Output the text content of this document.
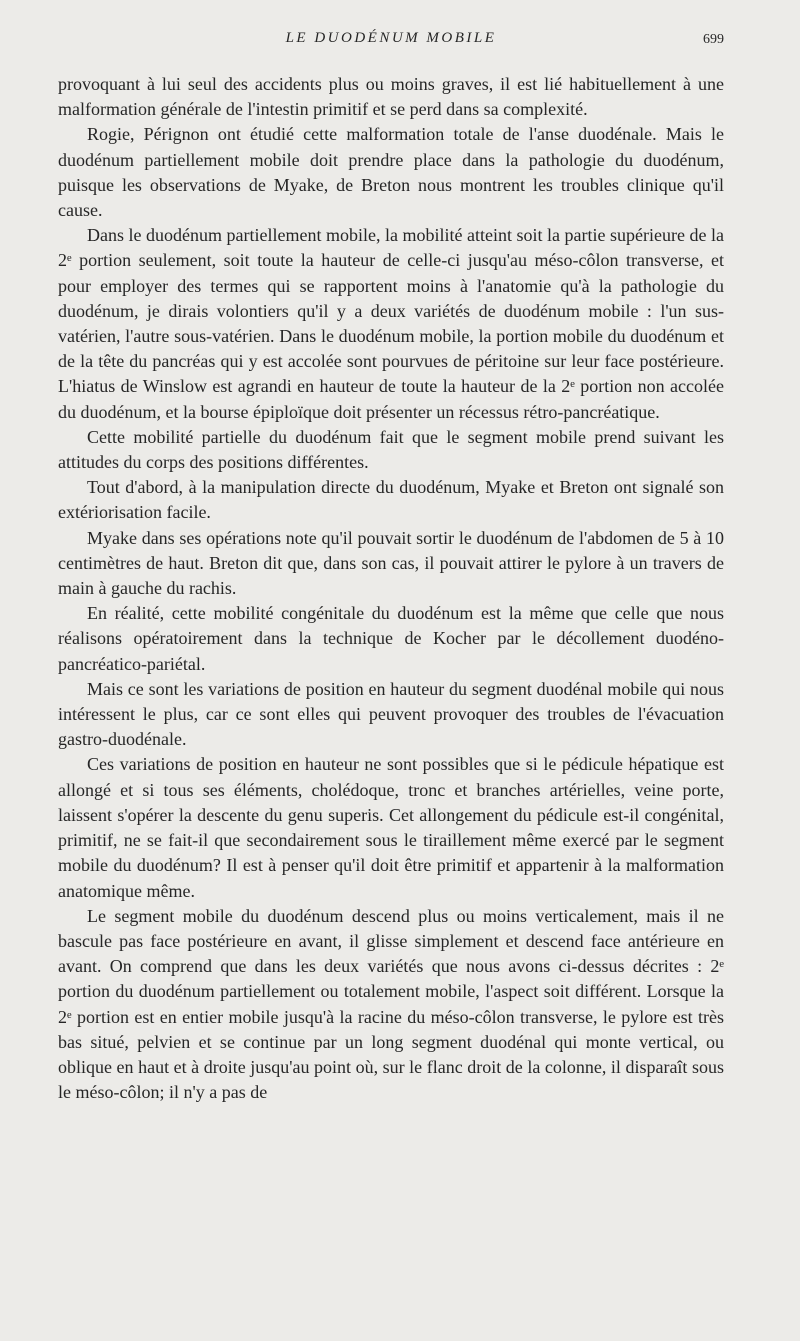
LE DUODÉNUM MOBILE	699

provoquant à lui seul des accidents plus ou moins graves, il est lié habituellement à une malformation générale de l'intestin primitif et se perd dans sa complexité.

Rogie, Pérignon ont étudié cette malformation totale de l'anse duodénale. Mais le duodénum partiellement mobile doit prendre place dans la pathologie du duodénum, puisque les observations de Myake, de Breton nous montrent les troubles clinique qu'il cause.

Dans le duodénum partiellement mobile, la mobilité atteint soit la partie supérieure de la 2ᵉ portion seulement, soit toute la hauteur de celle-ci jusqu'au méso-côlon transverse, et pour employer des termes qui se rapportent moins à l'anatomie qu'à la pathologie du duodénum, je dirais volontiers qu'il y a deux variétés de duodénum mobile : l'un sus-vatérien, l'autre sous-vatérien. Dans le duodénum mobile, la portion mobile du duodénum et de la tête du pancréas qui y est accolée sont pourvues de péritoine sur leur face postérieure. L'hiatus de Winslow est agrandi en hauteur de toute la hauteur de la 2ᵉ portion non accolée du duodénum, et la bourse épiploïque doit présenter un récessus rétro-pancréatique.

Cette mobilité partielle du duodénum fait que le segment mobile prend suivant les attitudes du corps des positions différentes.

Tout d'abord, à la manipulation directe du duodénum, Myake et Breton ont signalé son extériorisation facile.

Myake dans ses opérations note qu'il pouvait sortir le duodénum de l'abdomen de 5 à 10 centimètres de haut. Breton dit que, dans son cas, il pouvait attirer le pylore à un travers de main à gauche du rachis.

En réalité, cette mobilité congénitale du duodénum est la même que celle que nous réalisons opératoirement dans la technique de Kocher par le décollement duodéno-pancréatico-pariétal.

Mais ce sont les variations de position en hauteur du segment duodénal mobile qui nous intéressent le plus, car ce sont elles qui peuvent provoquer des troubles de l'évacuation gastro-duodénale.

Ces variations de position en hauteur ne sont possibles que si le pédicule hépatique est allongé et si tous ses éléments, cholédoque, tronc et branches artérielles, veine porte, laissent s'opérer la descente du genu superis. Cet allongement du pédicule est-il congénital, primitif, ne se fait-il que secondairement sous le tiraillement même exercé par le segment mobile du duodénum? Il est à penser qu'il doit être primitif et appartenir à la malformation anatomique même.

Le segment mobile du duodénum descend plus ou moins verticalement, mais il ne bascule pas face postérieure en avant, il glisse simplement et descend face antérieure en avant. On comprend que dans les deux variétés que nous avons ci-dessus décrites : 2ᵉ portion du duodénum partiellement ou totalement mobile, l'aspect soit différent. Lorsque la 2ᵉ portion est en entier mobile jusqu'à la racine du méso-côlon transverse, le pylore est très bas situé, pelvien et se continue par un long segment duodénal qui monte vertical, ou oblique en haut et à droite jusqu'au point où, sur le flanc droit de la colonne, il disparaît sous le méso-côlon; il n'y a pas de
